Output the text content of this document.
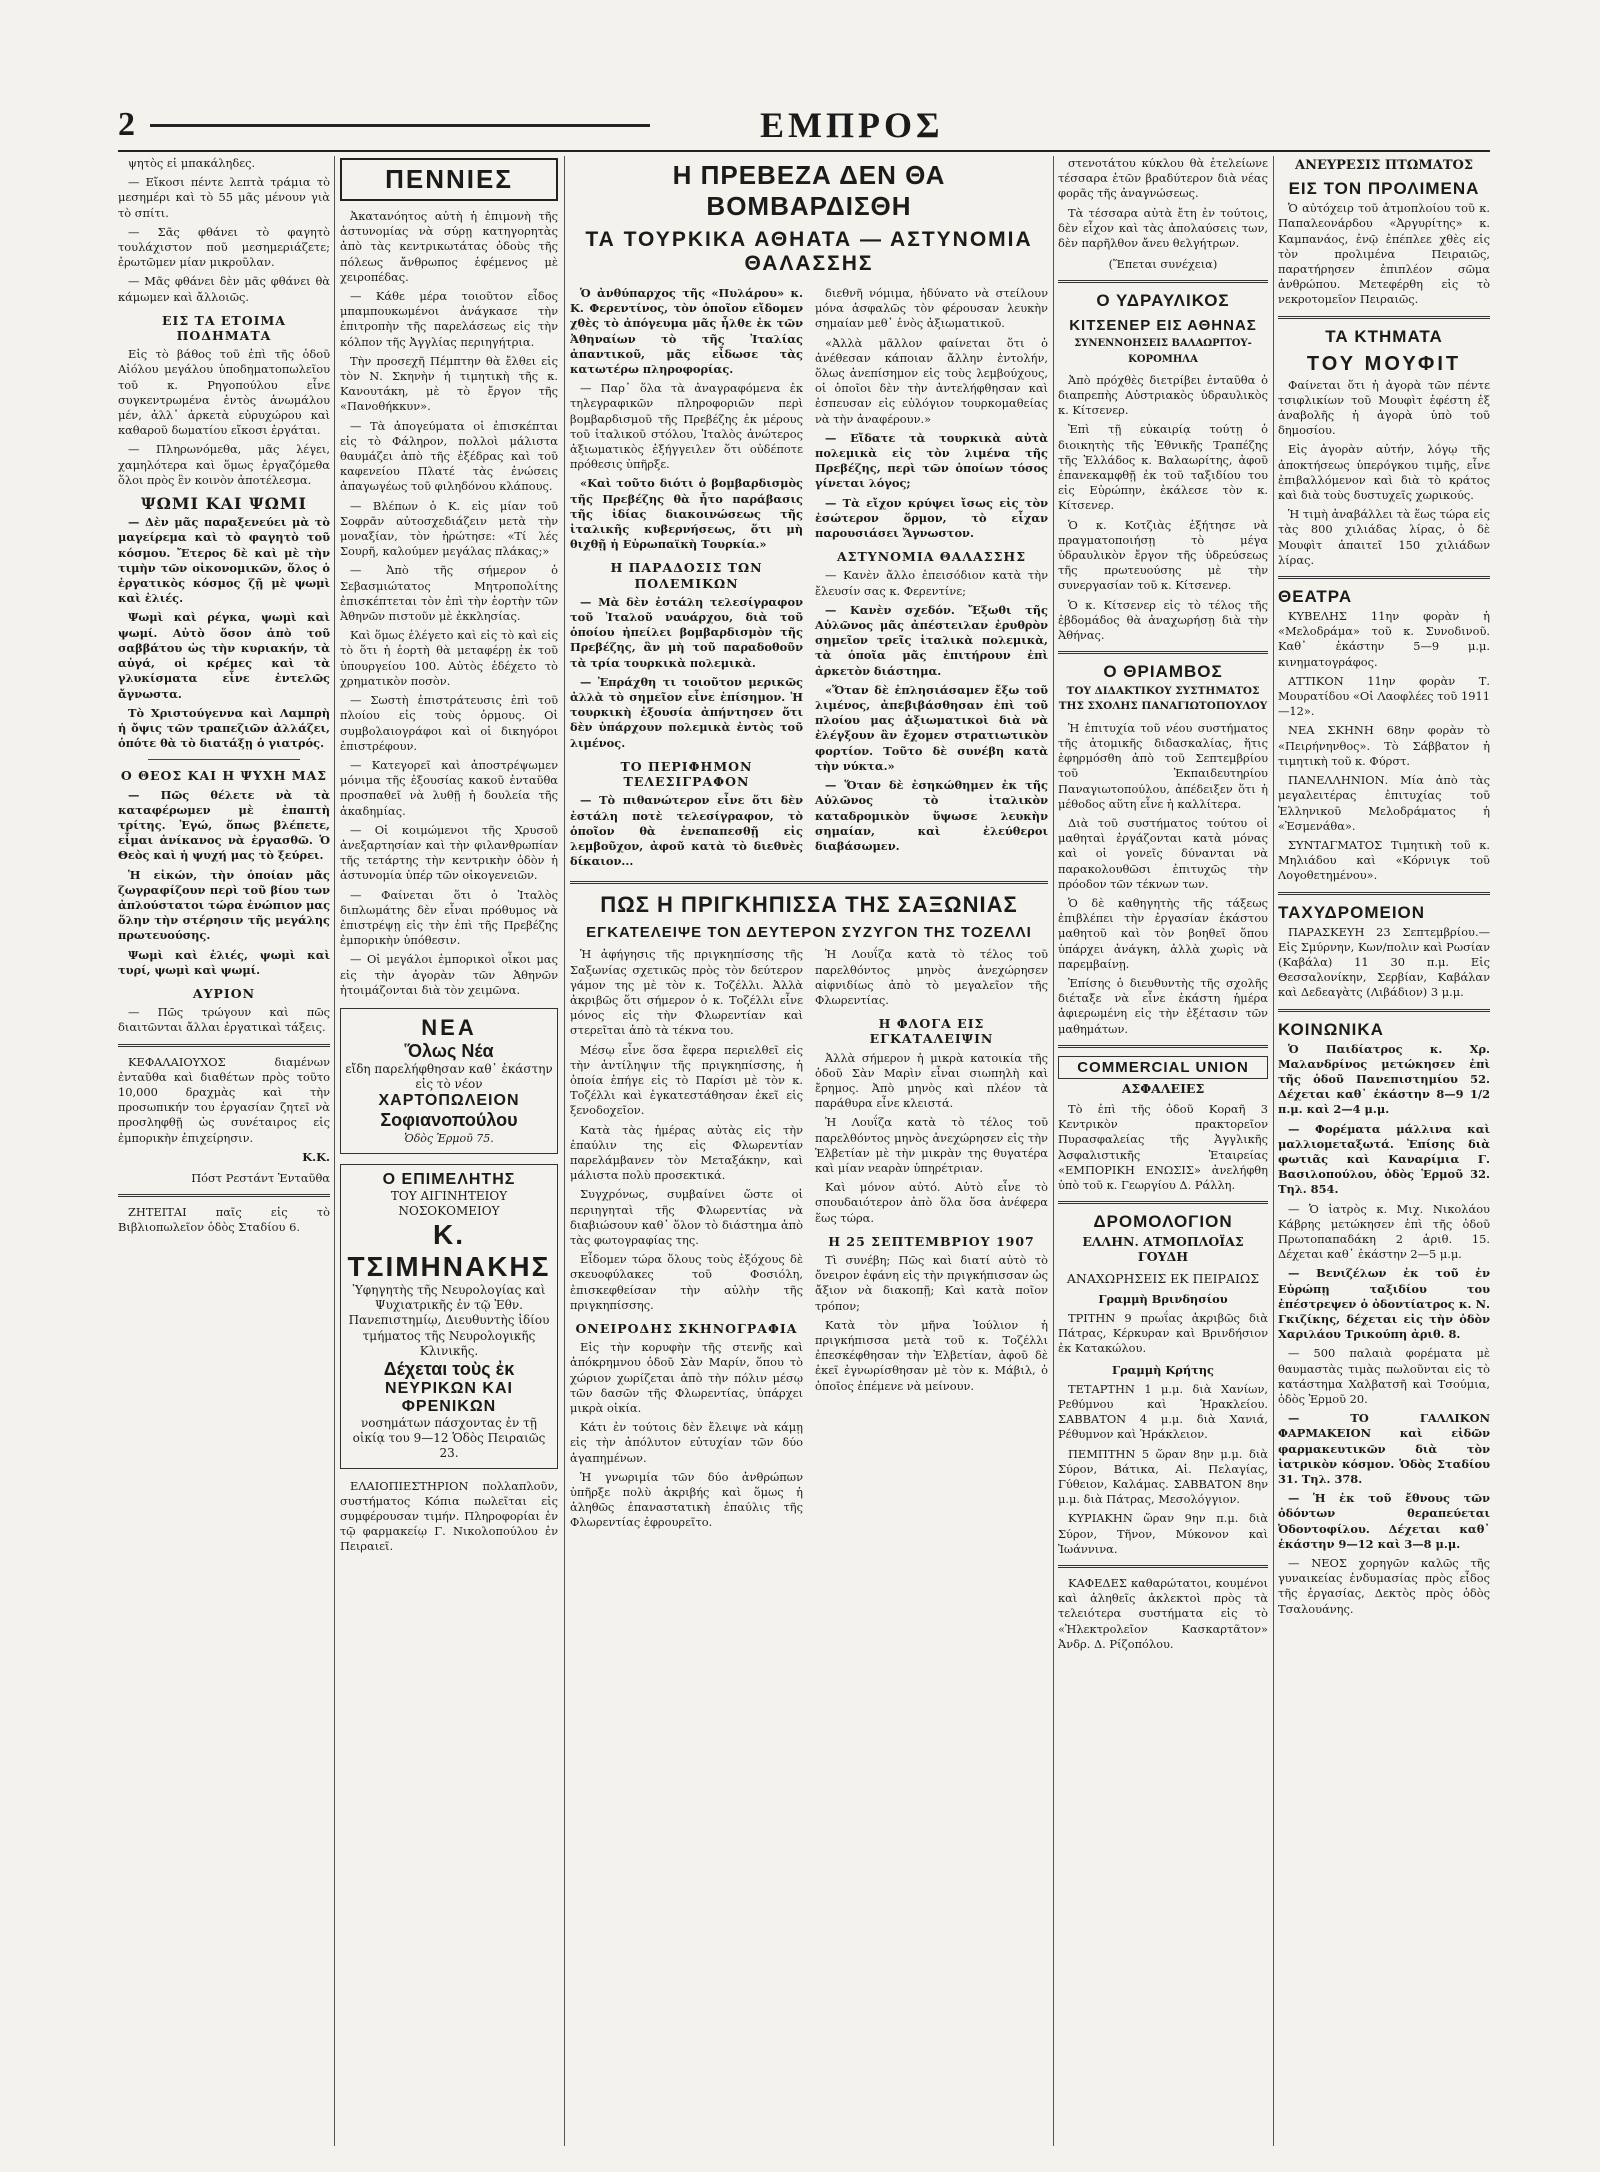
2	ΕΜΠΡΟΣ

ψητὸς εἰ μπακάληδες.

— Εἴκοσι πέντε λεπτὰ τράμια τὸ μεσημέρι καὶ τὸ 55 μᾶς μένουν γιὰ τὸ σπίτι.

— Σᾶς φθάνει τὸ φαγητὸ τουλάχιστον ποῦ μεσημεριάζετε; ἐρωτῶμεν μίαν μικροῦλαν.

— Μᾶς φθάνει δὲν μᾶς φθάνει θὰ κάμωμεν καὶ ἄλλοιῶς.

ΕΙΣ ΤΑ ΕΤΟΙΜΑ ΠΟΔΗΜΑΤΑ

Εἰς τὸ βάθος τοῦ ἐπὶ τῆς ὁδοῦ Αἰόλου μεγάλου ὑποδηματοπωλεῖου τοῦ κ. Ρηγοπούλου εἶνε συγκεντρωμένα ἐντὸς ἀνωμάλου μέν, ἀλλ᾽ ἀρκετὰ εὐρυχώρου καὶ καθαροῦ δωματίου εἴκοσι ἐργάται.

— Πληρωνόμεθα, μᾶς λέγει, χαμηλότερα καὶ ὅμως ἐργαζόμεθα ὅλοι πρὸς ἓν κοινὸν ἀποτέλεσμα.

ΨΩΜΙ ΚΑΙ ΨΩΜΙ

— Δὲν μᾶς παραξενεύει μὰ τὸ μαγείρεμα καὶ τὸ φαγητὸ τοῦ κόσμου. Ἔτερος δὲ καὶ μὲ τὴν τιμὴν τῶν οἰκονομικῶν, ὅλος ὁ ἐργατικὸς κόσμος ζῇ μὲ ψωμὶ καὶ ἐλιές.

Ψωμὶ καὶ ρέγκα, ψωμὶ καὶ ψωμί. Αὐτὸ ὅσον ἀπὸ τοῦ σαββάτου ὡς τὴν κυριακήν, τὰ αὐγά, οἱ κρέμες καὶ τὰ γλυκίσματα εἶνε ἐντελῶς ἄγνωστα.

Τὸ Χριστούγεννα καὶ Λαμπρὴ ἡ ὄψις τῶν τραπεζιῶν ἀλλάζει, ὁπότε θὰ τὸ διατάξῃ ὁ γιατρός.

Ο ΘΕΟΣ ΚΑΙ Η ΨΥΧΗ ΜΑΣ

— Πῶς θέλετε νὰ τὰ καταφέρωμεν μὲ ἐπαπτὴ τρίτης. Ἐγώ, ὅπως βλέπετε, εἶμαι ἀνίκανος νὰ ἐργασθῶ. Ὁ Θεὸς καὶ ἡ ψυχή μας τὸ ξεύρει.

Ἡ εἰκών, τὴν ὁποίαν μᾶς ζωγραφίζουν περὶ τοῦ βίου των ἀπλούστατοι τώρα ἐνώπιον μας ὅλην τὴν στέρησιν τῆς μεγάλης πρωτευούσης.

Ψωμὶ καὶ ἐλιές, ψωμὶ καὶ τυρί, ψωμὶ καὶ ψωμί.

ΑΥΡΙΟΝ

— Πῶς τρώγουν καὶ πῶς διαιτῶνται ἄλλαι ἐργατικαὶ τάξεις.

ΚΕΦΑΛΑΙΟΥΧΟΣ διαμένων ἐνταῦθα καὶ διαθέτων πρὸς τοῦτο 10,000 δραχμὰς καὶ τὴν προσωπικήν του ἐργασίαν ζητεῖ νὰ προσληφθῇ ὡς συνέταιρος εἰς ἐμπορικὴν ἐπιχείρησιν.

Κ.Κ.

Πόστ Ρεστάντ Ἐνταῦθα

ΖΗΤΕΙΤΑΙ παῖς εἰς τὸ Βιβλιοπωλεῖον ὁδὸς Σταδίου 6.

ΠΕΝΝΙΕΣ

Ἀκατανόητος αὐτὴ ἡ ἐπιμονὴ τῆς ἀστυνομίας νὰ σύρῃ κατηγορητὰς ἀπὸ τὰς κεντρικωτάτας ὁδοὺς τῆς πόλεως ἄνθρωπος ἐφέμενος μὲ χειροπέδας.

— Κάθε μέρα τοιοῦτον εἶδος μπαμπουκωμένοι ἀνάγκασε τὴν ἐπιτροπὴν τῆς παρελάσεως εἰς τὴν κόλπον τῆς Ἀγγλίας περιηγήτρια.

Τὴν προσεχῆ Πέμπτην θὰ ἔλθει εἰς τὸν Ν. Σκηνὴν ἡ τιμητικὴ τῆς κ. Κανουτάκη, μὲ τὸ ἔργον τῆς «Πανοθήκκυν».

— Τὰ ἀπογεύματα οἱ ἐπισκέπται εἰς τὸ Φάληρον, πολλοὶ μάλιστα θαυμάζει ἀπὸ τῆς ἐξέδρας καὶ τοῦ καφενείου Πλατέ τὰς ἐνώσεις ἀπαγωγέως τοῦ φιληδόνου κλάπους.

— Βλέπων ὁ Κ. εἰς μίαν τοῦ Σοφρᾶν αὐτοσχεδιάζειν μετὰ τὴν μοναξίαν, τὸν ἠρώτησε: «Τί λές Σουρῆ, καλούμεν μεγάλας πλάκας;»

— Ἀπὸ τῆς σήμερον ὁ Σεβασμιώτατος Μητροπολίτης ἐπισκέπτεται τὸν ἐπὶ τὴν ἑορτὴν τῶν Ἀθηνῶν πιστοῦν μὲ ἐκκλησίας.

Καὶ ὅμως ἐλέγετο καὶ εἰς τὸ καὶ εἰς τὸ ὅτι ἡ ἑορτὴ θὰ μεταφέρῃ ἐκ τοῦ ὑπουργείου 100. Αὐτὸς ἐδέχετο τὸ χρηματικὸν ποσὸν.

— Σωστὴ ἐπιστράτευσις ἐπὶ τοῦ πλοίου εἰς τοὺς ὁρμους. Οἱ συμβολαιογράφοι καὶ οἱ δικηγόροι ἐπιστρέφουν.

— Κατεγορεῖ καὶ ἀποστρέψωμεν μόνιμα τῆς ἐξουσίας κακοῦ ἐνταῦθα προσπαθεῖ νὰ λυθῇ ἡ δουλεία τῆς ἀκαδημίας.

— Οἱ κοιμώμενοι τῆς Χρυσοῦ ἀνεξαρτησίαν καὶ τὴν φιλανθρωπίαν τῆς τετάρτης τὴν κεντρικὴν ὁδὸν ἡ ἀστυνομία ὑπέρ τῶν οἰκογενειῶν.

— Φαίνεται ὅτι ὁ Ἰταλὸς διπλωμάτης δὲν εἶναι πρόθυμος νὰ ἐπιστρέψῃ εἰς τὴν ἐπὶ τῆς Πρεβέζης ἐμπορικὴν ὑπόθεσιν.

— Οἱ μεγάλοι ἐμπορικοὶ οἶκοι μας εἰς τὴν ἀγορὰν τῶν Ἀθηνῶν ἡτοιμάζονται διὰ τὸν χειμῶνα.

ΝΕΑ
Ὅλως Νέα
εἴδη παρελήφθησαν καθ᾽ ἑκάστην εἰς τὸ νέον
ΧΑΡΤΟΠΩΛΕΙΟΝ
Σοφιανοπούλου
Ὁδὸς Ἑρμοῦ 75.
Ο ΕΠΙΜΕΛΗΤΗΣ
ΤΟΥ ΑΙΓΙΝΗΤΕΙΟΥ ΝΟΣΟΚΟΜΕΙΟΥ
Κ. ΤΣΙΜΗΝΑΚΗΣ
Ὑφηγητὴς τῆς Νευρολογίας καὶ Ψυχιατρικῆς ἐν τῷ Ἐθν. Πανεπιστημίῳ, Διευθυντὴς ἰδίου τμήματος τῆς Νευρολογικῆς Κλινικῆς.
Δέχεται τοὺς ἐκ
ΝΕΥΡΙΚΩΝ ΚΑΙ ΦΡΕΝΙΚΩΝ
νοσημάτων πάσχοντας ἐν τῇ οἰκίᾳ του 9—12 Ὁδὸς Πειραιῶς 23.

ΕΛΑΙΟΠΙΕΣΤΗΡΙΟΝ πολλαπλοῦν, συστήματος Κόπια πωλεῖται εἰς συμφέρουσαν τιμήν. Πληροφορίαι ἐν τῷ φαρμακείῳ Γ. Νικολοπούλου ἐν Πειραιεῖ.

Η ΠΡΕΒΕΖΑ ΔΕΝ ΘΑ ΒΟΜΒΑΡΔΙΣΘΗ
ΤΑ ΤΟΥΡΚΙΚΑ ΑΘΗΑΤΑ — ΑΣΤΥΝΟΜΙΑ ΘΑΛΑΣΣΗΣ

Ὁ ἀνθύπαρχος τῆς «Πυλάρου» κ. Κ. Φερεντίνος, τὸν ὁποῖον εἴδομεν χθὲς τὸ ἀπόγευμα μᾶς ἦλθε ἐκ τῶν Ἀθηναίων τὸ τῆς Ἰταλίας ἀπαντικοῦ, μᾶς εἶδωσε τὰς κατωτέρω πληροφορίας.

— Παρ᾽ ὅλα τὰ ἀναγραφόμενα ἐκ τηλεγραφικῶν πληροφοριῶν περὶ βομβαρδισμοῦ τῆς Πρεβέζης ἐκ μέρους τοῦ ἰταλικοῦ στόλου, Ἰταλὸς ἀνώτερος ἀξιωματικὸς ἐξήγγειλεν ὅτι οὐδέποτε πρόθεσις ὑπῆρξε.

«Καὶ τοῦτο διότι ὁ βομβαρδισμὸς τῆς Πρεβέζης θὰ ἦτο παράβασις τῆς ἰδίας διακοινώσεως τῆς ἰταλικῆς κυβερνήσεως, ὅτι μὴ θιχθῇ ἡ Εὐρωπαϊκὴ Τουρκία.»

Η ΠΑΡΑΔΟΣΙΣ ΤΩΝ ΠΟΛΕΜΙΚΩΝ

— Μὰ δὲν ἐστάλη τελεσίγραφον τοῦ Ἰταλοῦ ναυάρχου, διὰ τοῦ ὁποίου ἠπείλει βομβαρδισμὸν τῆς Πρεβέζης, ἂν μὴ τοῦ παραδοθοῦν τὰ τρία τουρκικὰ πολεμικὰ.

— Ἐπράχθη τι τοιοῦτον μερικῶς ἀλλὰ τὸ σημεῖον εἶνε ἐπίσημον. Ἡ τουρκικὴ ἐξουσία ἀπήντησεν ὅτι δὲν ὑπάρχουν πολεμικὰ ἐντὸς τοῦ λιμένος.

ΤΟ ΠΕΡΙΦΗΜΟΝ ΤΕΛΕΣΙΓΡΑΦΟΝ

— Τὸ πιθανώτερον εἶνε ὅτι δὲν ἐστάλη ποτὲ τελεσίγραφον, τὸ ὁποῖον θὰ ἐνεπαπεσθῇ εἰς λεμβοῦχον, ἀφοῦ κατὰ τὸ διεθνὲς δίκαιον...

διεθνῆ νόμιμα, ἠδύνατο νὰ στείλουν μόνα ἀσφαλῶς τὸν φέρουσαν λευκὴν σημαίαν μεθ᾽ ἑνὸς ἀξιωματικοῦ.

«Ἀλλὰ μᾶλλον φαίνεται ὅτι ὁ ἀνέθεσαν κάποιαν ἄλλην ἐντολήν, ὅλως ἀνεπίσημον εἰς τοὺς λεμβούχους, οἱ ὁποῖοι δὲν τὴν ἀντελήφθησαν καὶ ἐσπευσαν εἰς εὐλόγιον τουρκομαθείας νὰ τὴν ἀναφέρουν.»

— Εἴδατε τὰ τουρκικὰ αὐτὰ πολεμικὰ εἰς τὸν λιμένα τῆς Πρεβέζης, περὶ τῶν ὁποίων τόσος γίνεται λόγος;

— Τὰ εἴχον κρύψει ἴσως εἰς τὸν ἐσώτερον ὅρμον, τὸ εἶχαν παρουσιάσει Ἄγνωστον.

ΑΣΤΥΝΟΜΙΑ ΘΑΛΑΣΣΗΣ

— Κανὲν ἄλλο ἐπεισόδιον κατὰ τὴν ἔλευσίν σας κ. Φερεντίνε;

— Κανὲν σχεδόν. Ἔξωθι τῆς Αὐλῶνος μᾶς ἀπέστειλαν ἐρυθρὸν σημεῖον τρεῖς ἰταλικὰ πολεμικὰ, τὰ ὁποῖα μᾶς ἐπιτήρουν ἐπὶ ἀρκετὸν διάστημα.

«Ὅταν δὲ ἐπλησιάσαμεν ἔξω τοῦ λιμένος, ἀπεβιβάσθησαν ἐπὶ τοῦ πλοίου μας ἀξιωματικοὶ διὰ νὰ ἐλέγξουν ἂν ἔχομεν στρατιωτικὸν φορτίον. Τοῦτο δὲ συνέβη κατὰ τὴν νύκτα.»

— Ὅταν δὲ ἐσηκώθημεν ἐκ τῆς Αὐλῶνος τὸ ἰταλικὸν καταδρομικὸν ὕψωσε λευκὴν σημαίαν, καὶ ἐλεύθεροι διαβάσωμεν.

ΠΩΣ Η ΠΡΙΓΚΗΠΙΣΣΑ ΤΗΣ ΣΑΞΩΝΙΑΣ
ΕΓΚΑΤΕΛΕΙΨΕ ΤΟΝ ΔΕΥΤΕΡΟΝ ΣΥΖΥΓΟΝ ΤΗΣ ΤΟΖΕΛΛΙ

Ἡ ἀφήγησις τῆς πριγκηπίσσης τῆς Σαξωνίας σχετικῶς πρὸς τὸν δεύτερον γάμον της μὲ τὸν κ. Τοζέλλι. Ἀλλὰ ἀκριβῶς ὅτι σήμερον ὁ κ. Τοζέλλι εἶνε μόνος εἰς τὴν Φλωρεντίαν καὶ στερεῖται ἀπὸ τὰ τέκνα του.

Μέσῳ εἶνε ὅσα ἔφερα περιελθεῖ εἰς τὴν ἀντίληψιν τῆς πριγκηπίσσης, ἡ ὁποία ἐπήγε εἰς τὸ Παρίσι μὲ τὸν κ. Τοζέλλι καὶ ἐγκατεστάθησαν ἐκεῖ εἰς ξενοδοχεῖον.

Κατὰ τὰς ἡμέρας αὐτὰς εἰς τὴν ἐπαύλιν της εἰς Φλωρεντίαν παρελάμβανεν τὸν Μεταξάκην, καὶ μάλιστα πολὺ προσεκτικά.

Συγχρόνως, συμβαίνει ὥστε οἱ περιηγηταὶ τῆς Φλωρεντίας νὰ διαβιώσουν καθ᾽ ὅλον τὸ διάστημα ἀπὸ τὰς φωτογραφίας της.

Εἶδομεν τώρα ὅλους τοὺς ἐξόχους δὲ σκευοφύλακες τοῦ Φοσιόλη, ἐπισκεφθείσαν τὴν αὐλὴν τῆς πριγκηπίσσης.

ΟΝΕΙΡΟΔΗΣ ΣΚΗΝΟΓΡΑΦΙΑ

Εἰς τὴν κορυφὴν τῆς στενῆς καὶ ἀπόκρημνου ὁδοῦ Σὰν Μαρίν, ὅπου τὸ χώριον χωρίζεται ἀπὸ τὴν πόλιν μέσῳ τῶν δασῶν τῆς Φλωρεντίας, ὑπάρχει μικρὰ οἰκία.

Κάτι ἐν τούτοις δὲν ἔλειψε νὰ κάμῃ εἰς τὴν ἀπόλυτον εὐτυχίαν τῶν δύο ἀγαπημένων.

Ἡ γνωριμία τῶν δύο ἀνθρώπων ὑπῆρξε πολὺ ἀκριβής καὶ ὅμως ἡ ἀληθῶς ἐπαναστατικὴ ἐπαύλις τῆς Φλωρεντίας ἐφρουρεῖτο.

Ἡ Λουΐζα κατὰ τὸ τέλος τοῦ παρελθόντος μηνὸς ἀνεχώρησεν αἰφνιδίως ἀπὸ τὸ μεγαλεῖον τῆς Φλωρεντίας.

Η ΦΛΟΓΑ ΕΙΣ ΕΓΚΑΤΑΛΕΙΨΙΝ

Ἀλλὰ σήμερον ἡ μικρὰ κατοικία τῆς ὁδοῦ Σὰν Μαρὶν εἶναι σιωπηλὴ καὶ ἔρημος. Ἀπὸ μηνὸς καὶ πλέον τὰ παράθυρα εἶνε κλειστά.

Ἡ Λουΐζα κατὰ τὸ τέλος τοῦ παρελθόντος μηνὸς ἀνεχώρησεν εἰς τὴν Ἑλβετίαν μὲ τὴν μικρὰν της θυγατέρα καὶ μίαν νεαρὰν ὑπηρέτριαν.

Καὶ μόνον αὐτό. Αὐτὸ εἶνε τὸ σπουδαιότερον ἀπὸ ὅλα ὅσα ἀνέφερα ἕως τώρα.

Η 25 ΣΕΠΤΕΜΒΡΙΟΥ 1907

Τὶ συνέβη; Πῶς καὶ διατί αὐτὸ τὸ ὄνειρον ἐφάνη εἰς τὴν πριγκήπισσαν ὡς ἄξιον νὰ διακοπῇ; Καὶ κατὰ ποῖον τρόπον;

Κατὰ τὸν μῆνα Ἰούλιον ἡ πριγκήπισσα μετὰ τοῦ κ. Τοζέλλι ἐπεσκέφθησαν τὴν Ἑλβετίαν, ἀφοῦ δὲ ἐκεῖ ἐγνωρίσθησαν μὲ τὸν κ. Μάβιλ, ὁ ὁποῖος ἐπέμενε νὰ μείνουν.

στενοτάτου κύκλου θὰ ἐτελείωνε τέσσαρα ἐτῶν βραδύτερον διὰ νέας φορᾶς τῆς ἀναγνώσεως.

Τὰ τέσσαρα αὐτὰ ἔτη ἐν τούτοις, δὲν εἶχον καὶ τὰς ἀπολαύσεις των, δὲν παρῆλθον ἄνευ θελγήτρων.

(Ἕπεται συνέχεια)

Ο ΥΔΡΑΥΛΙΚΟΣ
ΚΙΤΣΕΝΕΡ ΕΙΣ ΑΘΗΝΑΣ
ΣΥΝΕΝΝΟΗΣΕΙΣ ΒΑΛΑΩΡΙΤΟΥ-ΚΟΡΟΜΗΛΑ

Ἀπὸ πρόχθὲς διετρίβει ἐνταῦθα ὁ διαπρεπὴς Αὐστριακὸς ὑδραυλικὸς κ. Κίτσενερ.

Ἐπὶ τῇ εὐκαιρίᾳ τούτῃ ὁ διοικητὴς τῆς Ἐθνικῆς Τραπέζης τῆς Ἑλλάδος κ. Βαλαωρίτης, ἀφοῦ ἐπανεκαμφθῇ ἐκ τοῦ ταξιδίου του εἰς Εὐρώπην, ἐκάλεσε τὸν κ. Κίτσενερ.

Ὁ κ. Κοτζιὰς ἐξήτησε νὰ πραγματοποιήσῃ τὸ μέγα ὑδραυλικὸν ἔργον τῆς ὑδρεύσεως τῆς πρωτευούσης μὲ τὴν συνεργασίαν τοῦ κ. Κίτσενερ.

Ὁ κ. Κίτσενερ εἰς τὸ τέλος τῆς ἐβδομάδος θὰ ἀναχωρήσῃ διὰ τὴν Ἀθήνας.

Ο ΘΡΙΑΜΒΟΣ
ΤΟΥ ΔΙΔΑΚΤΙΚΟΥ ΣΥΣΤΗΜΑΤΟΣ ΤΗΣ ΣΧΟΛΗΣ ΠΑΝΑΓΙΩΤΟΠΟΥΛΟΥ

Ἡ ἐπιτυχία τοῦ νέου συστήματος τῆς ἀτομικῆς διδασκαλίας, ἥτις ἐφηρμόσθη ἀπὸ τοῦ Σεπτεμβρίου τοῦ Ἐκπαιδευτηρίου Παναγιωτοπούλου, ἀπέδειξεν ὅτι ἡ μέθοδος αὕτη εἶνε ἡ καλλίτερα.

Διὰ τοῦ συστήματος τούτου οἱ μαθηταὶ ἐργάζονται κατὰ μόνας καὶ οἱ γονεῖς δύνανται νὰ παρακολουθῶσι ἐπιτυχῶς τὴν πρόοδον τῶν τέκνων των.

Ὁ δὲ καθηγητὴς τῆς τάξεως ἐπιβλέπει τὴν ἐργασίαν ἑκάστου μαθητοῦ καὶ τὸν βοηθεῖ ὅπου ὑπάρχει ἀνάγκη, ἀλλὰ χωρὶς νὰ παρεμβαίνῃ.

Ἐπίσης ὁ διευθυντὴς τῆς σχολῆς διέταξε νὰ εἶνε ἑκάστη ἡμέρα ἀφιερωμένη εἰς τὴν ἐξέτασιν τῶν μαθημάτων.

COMMERCIAL UNION
ΑΣΦΑΛΕΙΕΣ

Τὸ ἐπὶ τῆς ὁδοῦ Κοραῆ 3 Κεντρικὸν πρακτορεῖον Πυρασφαλείας τῆς Ἀγγλικῆς Ἀσφαλιστικῆς Ἑταιρείας «ΕΜΠΟΡΙΚΗ ΕΝΩΣΙΣ» ἀνελήφθη ὑπὸ τοῦ κ. Γεωργίου Δ. Ράλλη.

ΔΡΟΜΟΛΟΓΙΟΝ
ΕΛΛΗΝ. ΑΤΜΟΠΛΟΪΑΣ ΓΟΥΔΗ
ΑΝΑΧΩΡΗΣΕΙΣ ΕΚ ΠΕΙΡΑΙΩΣ

Γραμμὴ Βρινδησίου

ΤΡΙΤΗΝ 9 πρωΐας ἀκριβῶς διὰ Πάτρας, Κέρκυραν καὶ Βρινδήσιον ἐκ Κατακώλου.

Γραμμὴ Κρήτης

ΤΕΤΑΡΤΗΝ 1 μ.μ. διὰ Χανίων, Ρεθύμνου καὶ Ἡρακλείου. ΣΑΒΒΑΤΟΝ 4 μ.μ. διὰ Χανιά, Ρέθυμνον καὶ Ἡράκλειον.

ΠΕΜΠΤΗΝ 5 ὥραν 8ην μ.μ. διὰ Σύρον, Βάτικα, Αἰ. Πελαγίας, Γύθειον, Καλάμας. ΣΑΒΒΑΤΟΝ 8ην μ.μ. διὰ Πάτρας, Μεσολόγγιον.

ΚΥΡΙΑΚΗΝ ὥραν 9ην π.μ. διὰ Σύρον, Τῆνον, Μύκονον καὶ Ἰωάννινα.

ΚΑΦΕΔΕΣ καθαρώτατοι, κουμένοι καὶ ἀληθεῖς ἀκλεκτοὶ πρὸς τὰ τελειότερα συστήματα εἰς τὸ «Ἠλεκτρολεῖον Κασκαρτᾶτον» Ἀνδρ. Δ. Ρίζοπόλου.

ΑΝΕΥΡΕΣΙΣ ΠΤΩΜΑΤΟΣ
ΕΙΣ ΤΟΝ ΠΡΟΛΙΜΕΝΑ

Ὁ αὐτόχειρ τοῦ ἀτμοπλοίου τοῦ κ. Παπαλεονάρδου «Ἀργυρίτης» κ. Καμπανάος, ἐνῷ ἐπέπλεε χθὲς εἰς τὸν προλιμένα Πειραιῶς, παρατήρησεν ἐπιπλέον σῶμα ἀνθρώπου. Μετεφέρθη εἰς τὸ νεκροτομεῖον Πειραιῶς.

ΤΑ ΚΤΗΜΑΤΑ
ΤΟΥ ΜΟΥΦΙΤ

Φαίνεται ὅτι ἡ ἀγορὰ τῶν πέντε τσιφλικίων τοῦ Μουφὶτ ἐφέστη ἐξ ἀναβολῆς ἡ ἀγορὰ ὑπὸ τοῦ δημοσίου.

Εἰς ἀγορὰν αὐτήν, λόγῳ τῆς ἀποκτήσεως ὑπερόγκου τιμῆς, εἶνε ἐπιβαλλόμενον καὶ διὰ τὸ κράτος καὶ διὰ τοὺς δυστυχεῖς χωρικούς.

Ἡ τιμὴ ἀναβάλλει τὰ ἕως τώρα εἰς τὰς 800 χιλιάδας λίρας, ὁ δὲ Μουφὶτ ἀπαιτεῖ 150 χιλιάδων λίρας.

ΘΕΑΤΡΑ

ΚΥΒΕΛΗΣ 11ην φορὰν ἡ «Μελοδράμα» τοῦ κ. Συνοδινοῦ. Καθ᾽ ἑκάστην 5—9 μ.μ. κινηματογράφος.

ΑΤΤΙΚΟΝ 11ην φορὰν Τ. Μουρατίδου «Οἱ Λαοφλέες τοῦ 1911—12».

ΝΕΑ ΣΚΗΝΗ 68ην φορὰν τὸ «Πειρήνηνθος». Τὸ Σάββατον ἡ τιμητικὴ τοῦ κ. Φύρστ.

ΠΑΝΕΛΛΗΝΙΟΝ. Μία ἀπὸ τὰς μεγαλειτέρας ἐπιτυχίας τοῦ Ἑλληνικοῦ Μελοδράματος ἡ «Ἐσμενάθα».

ΣΥΝΤΑΓΜΑΤΟΣ Τιμητικὴ τοῦ κ. Μηλιάδου καὶ «Κόρνιγκ τοῦ Λογοθετημένου».

ΤΑΧΥΔΡΟΜΕΙΟΝ

ΠΑΡΑΣΚΕΥΗ 23 Σεπτεμβρίου.—Εἰς Σμύρνην, Κων/πολιν καὶ Ρωσίαν (Καβάλα) 11 30 π.μ. Εἰς Θεσσαλονίκην, Σερβίαν, Καβάλαν καὶ Δεδεαγὰτς (Λιβάδιον) 3 μ.μ.

ΚΟΙΝΩΝΙΚΑ

Ὁ Παιδίατρος κ. Χρ. Μαλανδρίνος μετώκησεν ἐπὶ τῆς ὁδοῦ Πανεπιστημίου 52. Δέχεται καθ᾽ ἑκάστην 8—9 1/2 π.μ. καὶ 2—4 μ.μ.

— Φορέματα μάλλινα καὶ μαλλιομεταξωτά. Ἐπίσης διὰ φωτιᾶς καὶ Καναρίμια Γ. Βασιλοπούλου, ὁδὸς Ἑρμοῦ 32. Τηλ. 854.

— Ὁ ἰατρὸς κ. Μιχ. Νικολάου Κάβρης μετώκησεν ἐπὶ τῆς ὁδοῦ Πρωτοπαπαδάκη 2 ἀριθ. 15. Δέχεται καθ᾽ ἑκάστην 2—5 μ.μ.

— Βενιζέλων ἐκ τοῦ ἐν Εὐρώπῃ ταξιδίου του ἐπέστρεψεν ὁ ὀδοντίατρος κ. Ν. Γκιζίκης, δέχεται εἰς τὴν ὁδὸν Χαριλάου Τρικούπη ἀριθ. 8.

— 500 παλαιὰ φορέματα μὲ θαυμαστὰς τιμὰς πωλοῦνται εἰς τὸ κατάστημα Χαλβατσῆ καὶ Τσούμια, ὁδὸς Ἑρμοῦ 20.

— ΤΟ ΓΑΛΛΙΚΟΝ ΦΑΡΜΑΚΕΙΟΝ καὶ εἰδῶν φαρμακευτικῶν διὰ τὸν ἰατρικὸν κόσμον. Ὁδὸς Σταδίου 31. Τηλ. 378.

— Ἡ ἐκ τοῦ ἔθνους τῶν ὀδόντων θεραπεύεται Ὀδοντοφίλου. Δέχεται καθ᾽ ἑκάστην 9—12 καὶ 3—8 μ.μ.

— ΝΕΟΣ χορηγῶν καλῶς τῆς γυναικείας ἐνδυμασίας πρὸς εἶδος τῆς ἐργασίας, Δεκτὸς πρὸς ὁδὸς Τσαλουάνης.
